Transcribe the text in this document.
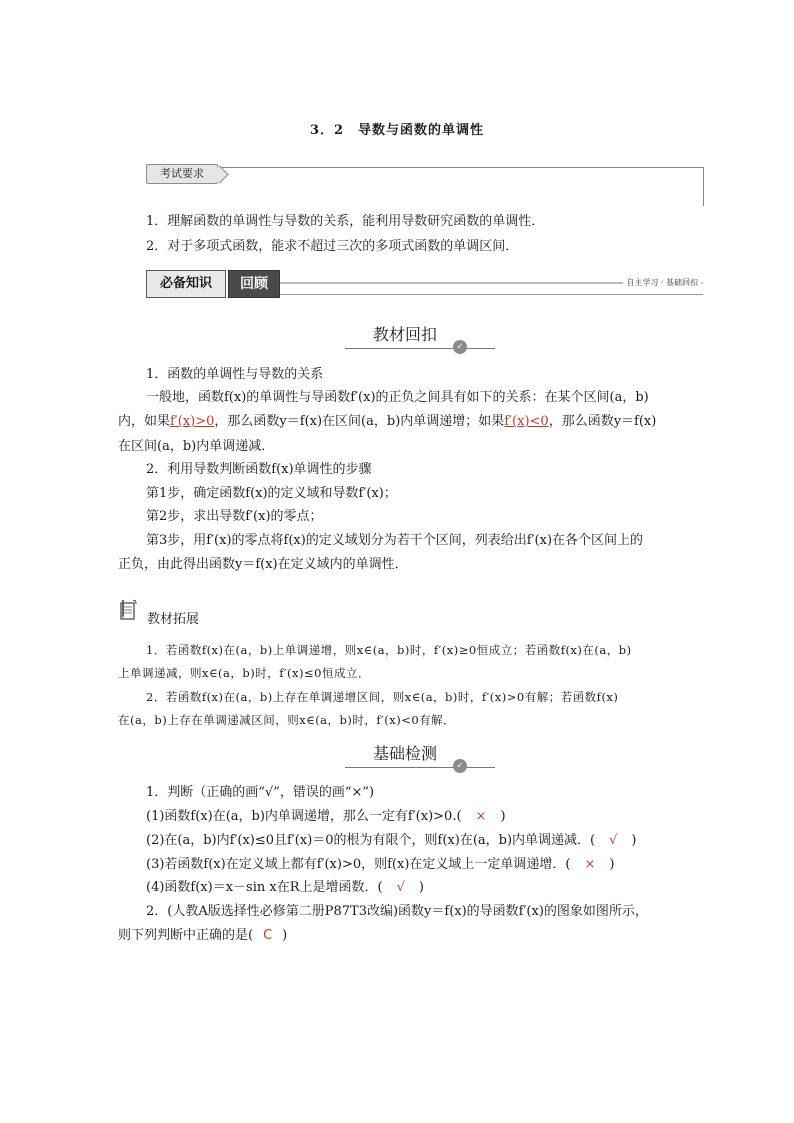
3．2　导数与函数的单调性
考试要求
1．理解函数的单调性与导数的关系，能利用导数研究函数的单调性．
2．对于多项式函数，能求不超过三次的多项式函数的单调区间．
必备知识	回顾	自主学习 · 基础回扣
教材回扣
✓
1．函数的单调性与导数的关系
一般地，函数f(x)的单调性与导函数f′(x)的正负之间具有如下的关系：在某个区间(a，b)
内，如果f′(x)>0，那么函数y＝f(x)在区间(a，b)内单调递增；如果f′(x)<0，那么函数y＝f(x)
在区间(a，b)内单调递减．
2．利用导数判断函数f(x)单调性的步骤
第1步，确定函数f(x)的定义域和导数f′(x)；
第2步，求出导数f′(x)的零点；
第3步，用f′(x)的零点将f(x)的定义域划分为若干个区间，列表给出f′(x)在各个区间上的
正负，由此得出函数y＝f(x)在定义域内的单调性．
教材拓展
1．若函数f(x)在(a，b)上单调递增，则x∈(a，b)时，f′(x)≥0恒成立；若函数f(x)在(a，b)
上单调递减，则x∈(a，b)时，f′(x)≤0恒成立．
2．若函数f(x)在(a，b)上存在单调递增区间，则x∈(a，b)时，f′(x)>0有解；若函数f(x)
在(a，b)上存在单调递减区间，则x∈(a，b)时，f′(x)<0有解．
基础检测
✓
1．判断（正确的画“√”，错误的画“×”)
(1)函数f(x)在(a，b)内单调递增，那么一定有f′(x)>0.( × )
(2)在(a，b)内f′(x)≤0且f′(x)＝0的根为有限个，则f(x)在(a，b)内单调递减．( √ )
(3)若函数f(x)在定义域上都有f′(x)>0，则f(x)在定义域上一定单调递增．( × )
(4)函数f(x)＝x－sin x在R上是增函数．( √ )
2．(人教A版选择性必修第二册P87T3改编)函数y＝f(x)的导函数f′(x)的图象如图所示，
则下列判断中正确的是( C )
